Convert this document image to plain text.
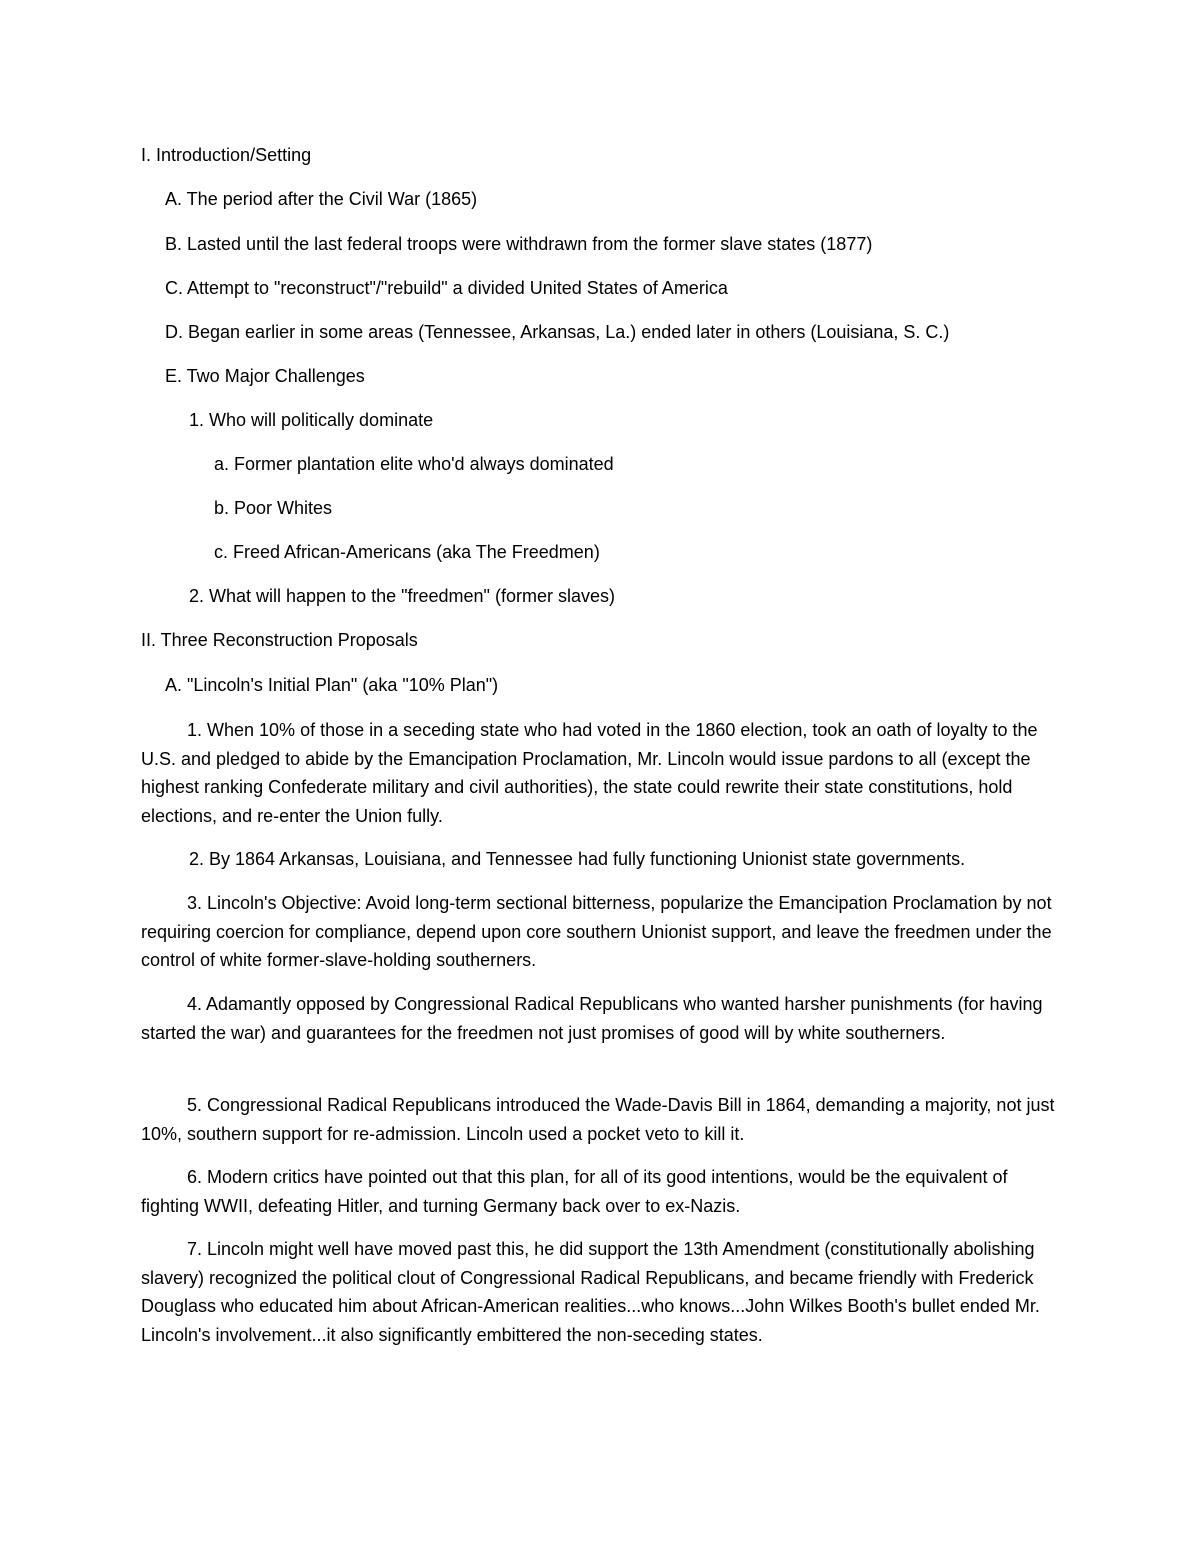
I. Introduction/Setting

A. The period after the Civil War (1865)

B. Lasted until the last federal troops were withdrawn from the former slave states (1877)

C. Attempt to "reconstruct"/"rebuild" a divided United States of America

D. Began earlier in some areas (Tennessee, Arkansas, La.) ended later in others (Louisiana, S. C.)

E. Two Major Challenges

1. Who will politically dominate

a. Former plantation elite who'd always dominated

b. Poor Whites

c. Freed African-Americans (aka The Freedmen)

2. What will happen to the "freedmen" (former slaves)

II. Three Reconstruction Proposals

A. "Lincoln's Initial Plan" (aka "10% Plan")

1. When 10% of those in a seceding state who had voted in the 1860 election, took an oath of loyalty to the U.S. and pledged to abide by the Emancipation Proclamation, Mr. Lincoln would issue pardons to all (except the highest ranking Confederate military and civil authorities), the state could rewrite their state constitutions, hold elections, and re-enter the Union fully.

2. By 1864 Arkansas, Louisiana, and Tennessee had fully functioning Unionist state governments.

3. Lincoln's Objective: Avoid long-term sectional bitterness, popularize the Emancipation Proclamation by not requiring coercion for compliance, depend upon core southern Unionist support, and leave the freedmen under the control of white former-slave-holding southerners.

4. Adamantly opposed by Congressional Radical Republicans who wanted harsher punishments (for having started the war) and guarantees for the freedmen not just promises of good will by white southerners.

5. Congressional Radical Republicans introduced the Wade-Davis Bill in 1864, demanding a majority, not just 10%, southern support for re-admission. Lincoln used a pocket veto to kill it.

6. Modern critics have pointed out that this plan, for all of its good intentions, would be the equivalent of fighting WWII, defeating Hitler, and turning Germany back over to ex-Nazis.

7. Lincoln might well have moved past this, he did support the 13th Amendment (constitutionally abolishing slavery) recognized the political clout of Congressional Radical Republicans, and became friendly with Frederick Douglass who educated him about African-American realities...who knows...John Wilkes Booth's bullet ended Mr. Lincoln's involvement...it also significantly embittered the non-seceding states.
